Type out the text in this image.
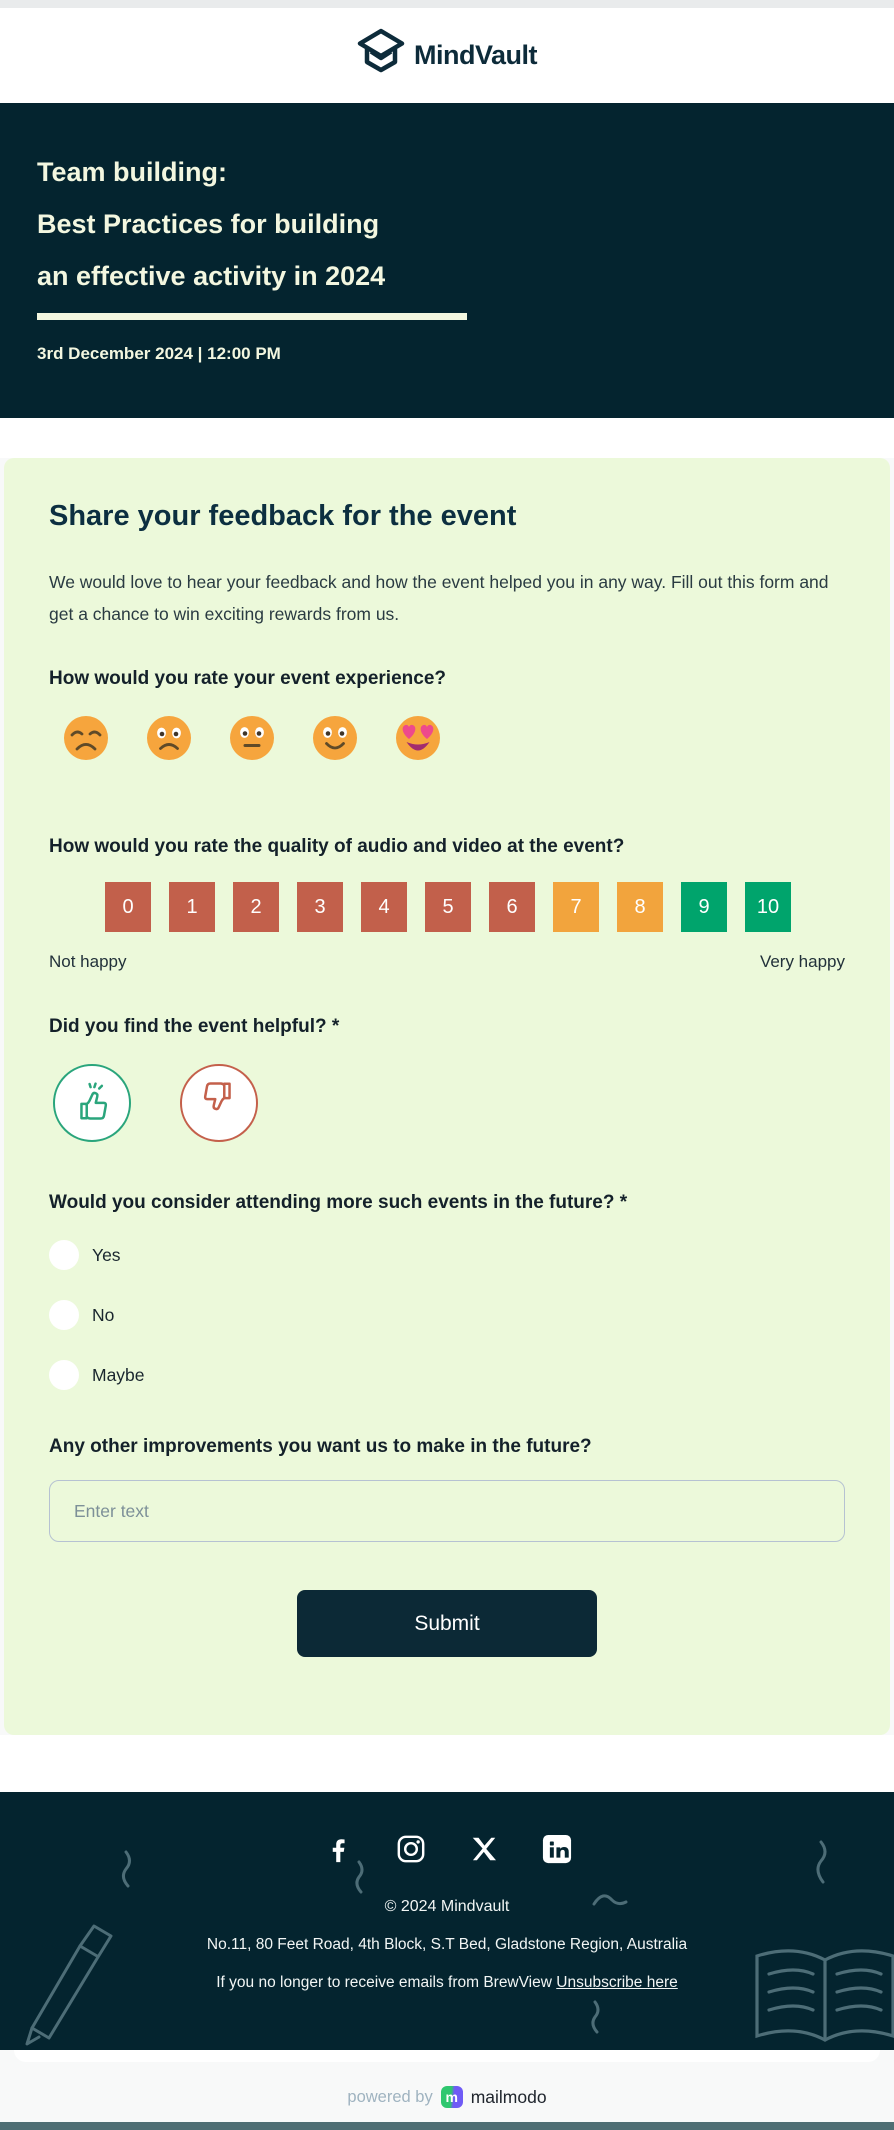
MindVault
Team building:
Best Practices for building
an effective activity in 2024
3rd December 2024 | 12:00 PM
Share your feedback for the event

We would love to hear your feedback and how the event helped you in any way. Fill out this form and get a chance to win exciting rewards from us.

How would you rate your event experience?
How would you rate the quality of audio and video at the event?
0	1	2	3	4	5	6	7	8	9	10
Not happy	Very happy
Did you find the event helpful? *
Would you consider attending more such events in the future? *
Yes
No
Maybe
Any other improvements you want us to make in the future?
Enter text
Submit
© 2024 Mindvault
No.11, 80 Feet Road, 4th Block, S.T Bed, Gladstone Region, Australia
If you no longer to receive emails from BrewView Unsubscribe here
powered by m mailmodo
